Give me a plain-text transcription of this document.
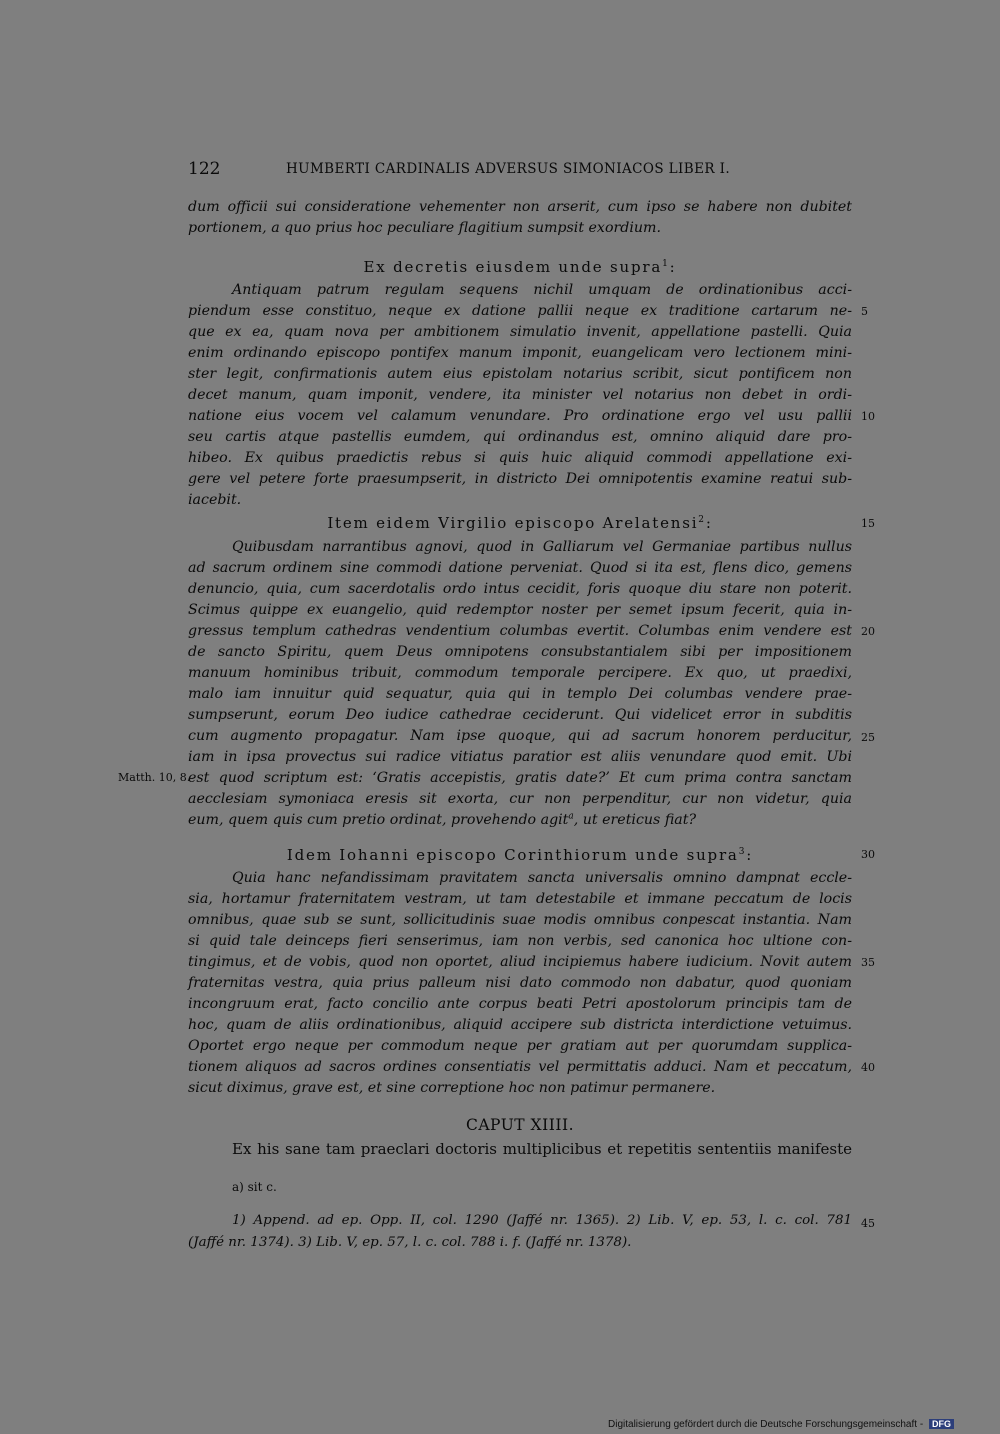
122	HUMBERTI CARDINALIS ADVERSUS SIMONIACOS LIBER I.
dum officii sui consideratione vehementer non arserit, cum ipso se habere non dubitet
portionem, a quo prius hoc peculiare flagitium sumpsit exordium.
Ex decretis eiusdem unde supra$^1$:
Antiquam patrum regulam sequens nichil umquam de ordinationibus acci-
piendum esse constituo, neque ex datione pallii neque ex traditione cartarum ne-
que ex ea, quam nova per ambitionem simulatio invenit, appellatione pastelli. Quia
enim ordinando episcopo pontifex manum imponit, euangelicam vero lectionem mini-
ster legit, confirmationis autem eius epistolam notarius scribit, sicut pontificem non
decet manum, quam imponit, vendere, ita minister vel notarius non debet in ordi-
natione eius vocem vel calamum venundare. Pro ordinatione ergo vel usu pallii
seu cartis atque pastellis eumdem, qui ordinandus est, omnino aliquid dare pro-
hibeo. Ex quibus praedictis rebus si quis huic aliquid commodi appellatione exi-
gere vel petere forte praesumpserit, in districto Dei omnipotentis examine reatui sub-
iacebit.
Item eidem Virgilio episcopo Arelatensi$^2$:
Quibusdam narrantibus agnovi, quod in Galliarum vel Germaniae partibus nullus
ad sacrum ordinem sine commodi datione perveniat. Quod si ita est, flens dico, gemens
denuncio, quia, cum sacerdotalis ordo intus cecidit, foris quoque diu stare non poterit.
Scimus quippe ex euangelio, quid redemptor noster per semet ipsum fecerit, quia in-
gressus templum cathedras vendentium columbas evertit. Columbas enim vendere est
de sancto Spiritu, quem Deus omnipotens consubstantialem sibi per impositionem
manuum hominibus tribuit, commodum temporale percipere. Ex quo, ut praedixi,
malo iam innuitur quid sequatur, quia qui in templo Dei columbas vendere prae-
sumpserunt, eorum Deo iudice cathedrae ceciderunt. Qui videlicet error in subditis
cum augmento propagatur. Nam ipse quoque, qui ad sacrum honorem perducitur,
iam in ipsa provectus sui radice vitiatus paratior est aliis venundare quod emit. Ubi
est quod scriptum est: ‘Gratis accepistis, gratis date?’ Et cum prima contra sanctam
aecclesiam symoniaca eresis sit exorta, cur non perpenditur, cur non videtur, quia
eum, quem quis cum pretio ordinat, provehendo agit$^a$, ut ereticus fiat?
Matth. 10, 8.
Idem Iohanni episcopo Corinthiorum unde supra$^3$:
Quia hanc nefandissimam pravitatem sancta universalis omnino dampnat eccle-
sia, hortamur fraternitatem vestram, ut tam detestabile et immane peccatum de locis
omnibus, quae sub se sunt, sollicitudinis suae modis omnibus conpescat instantia. Nam
si quid tale deinceps fieri senserimus, iam non verbis, sed canonica hoc ultione con-
tingimus, et de vobis, quod non oportet, aliud incipiemus habere iudicium. Novit autem
fraternitas vestra, quia prius palleum nisi dato commodo non dabatur, quod quoniam
incongruum erat, facto concilio ante corpus beati Petri apostolorum principis tam de
hoc, quam de aliis ordinationibus, aliquid accipere sub districta interdictione vetuimus.
Oportet ergo neque per commodum neque per gratiam aut per quorumdam supplica-
tionem aliquos ad sacros ordines consentiatis vel permittatis adduci. Nam et peccatum,
sicut diximus, grave est, et sine correptione hoc non patimur permanere.
CAPUT XIIII.
Ex his sane tam praeclari doctoris multiplicibus et repetitis sententiis manifeste
a) sit c.
1) Append. ad ep. Opp. II, col. 1290 (Jaffé nr. 1365). 2) Lib. V, ep. 53, l. c. col. 781
(Jaffé nr. 1374). 3) Lib. V, ep. 57, l. c. col. 788 i. f. (Jaffé nr. 1378).
5
10
15
20
25
30
35
40
45
Digitalisierung gefördert durch die Deutsche Forschungsgemeinschaft - DFG
